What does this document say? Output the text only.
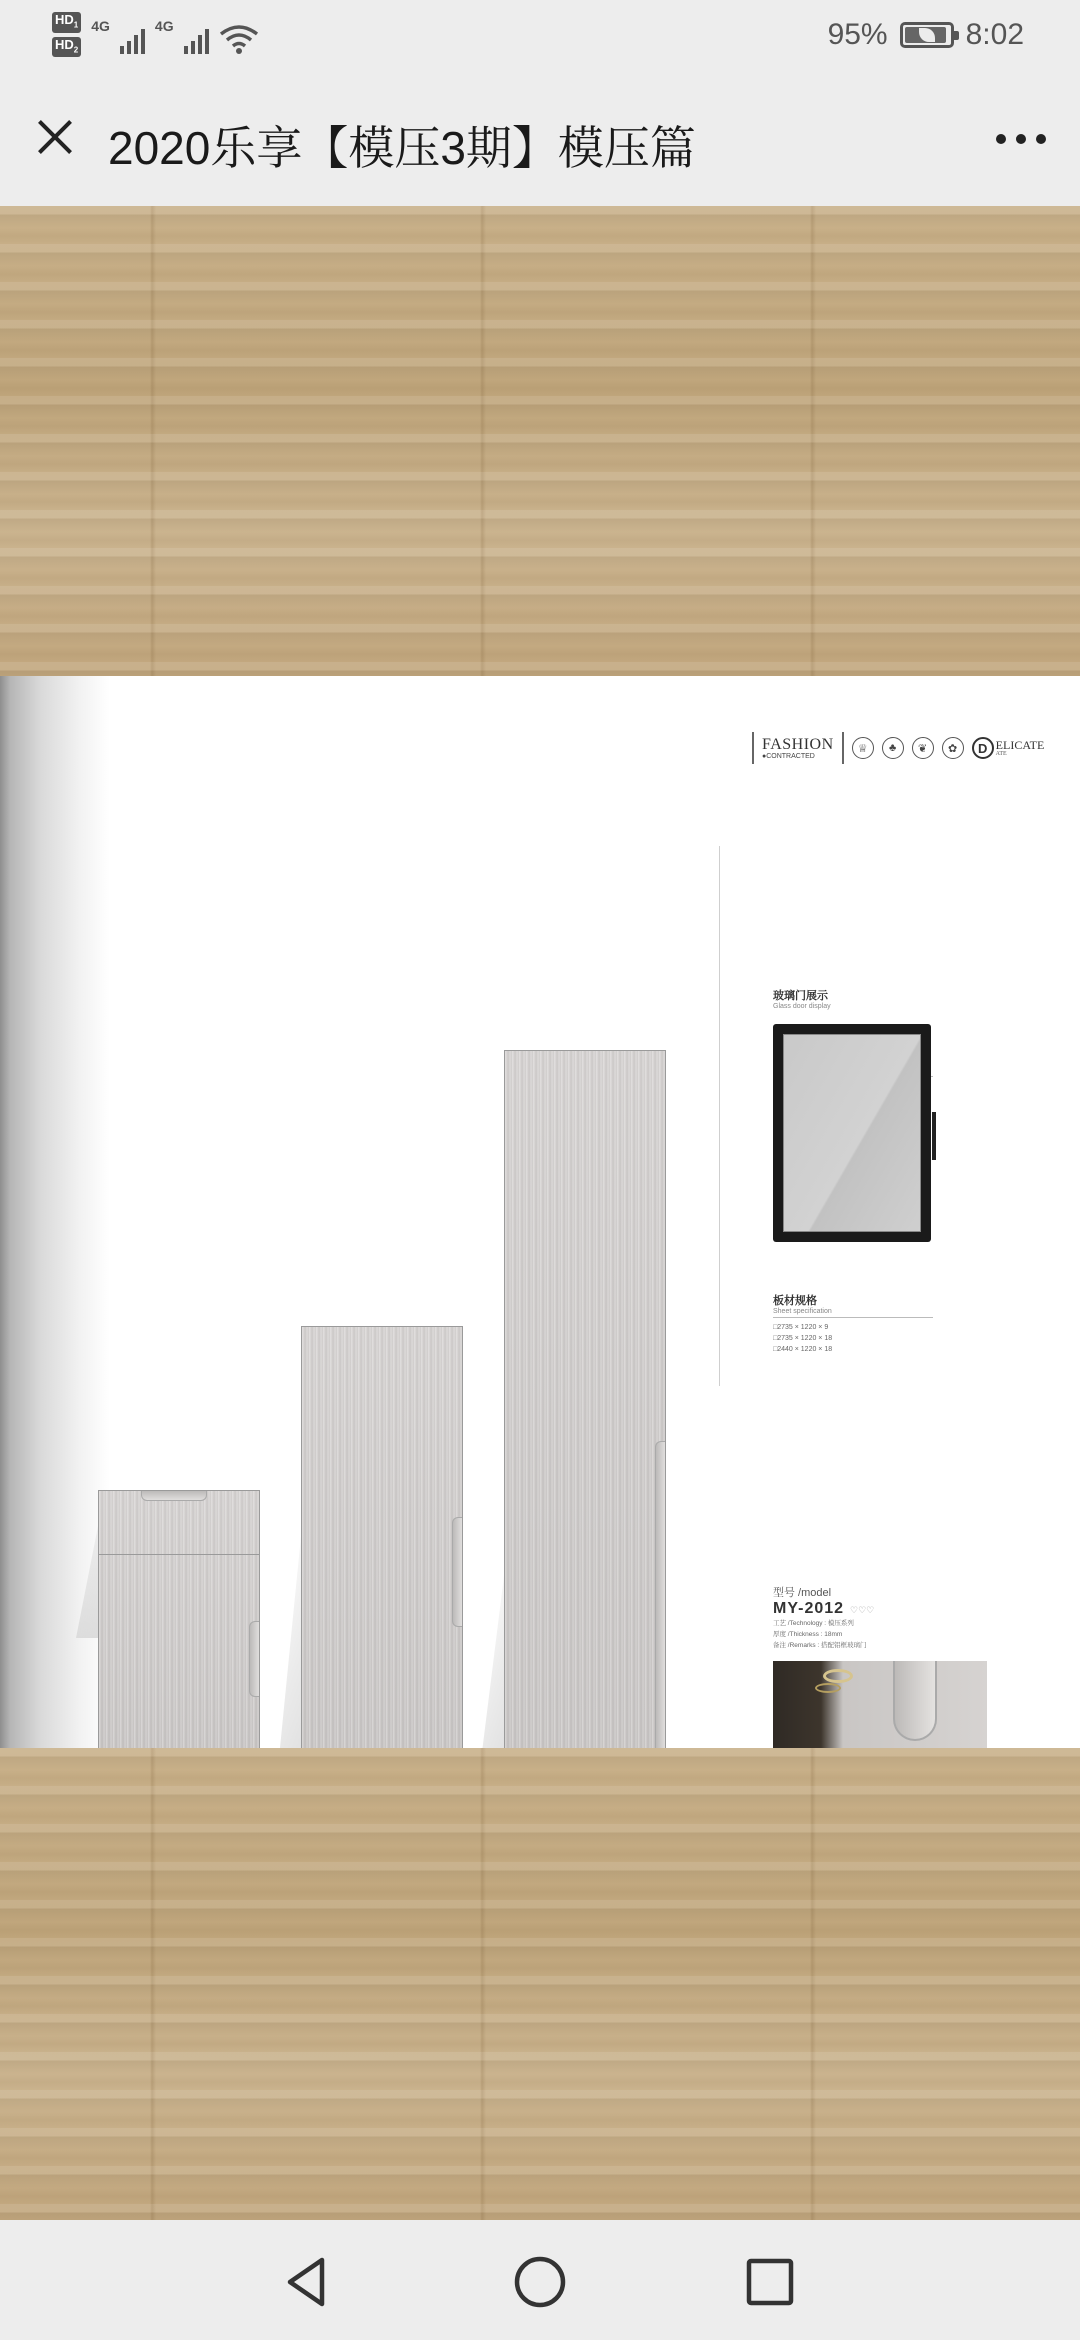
$HD_1$
$HD_2$
4G	4G	95%	8:02
2020乐享【模压3期】模压篇
FASHION
●CONTRACTED
♕	♣	❦	✿	D ELICATE
ATE
玻璃门展示
Glass door display
板材规格
Sheet specification
□2735 × 1220 × 9
□2735 × 1220 × 18
□2440 × 1220 × 18
型号 /model
MY-2012 ♡♡♡
工艺 /Technology : 模压系列
厚度 /Thickness : 18mm
备注 /Remarks : 搭配铝框玻璃门
